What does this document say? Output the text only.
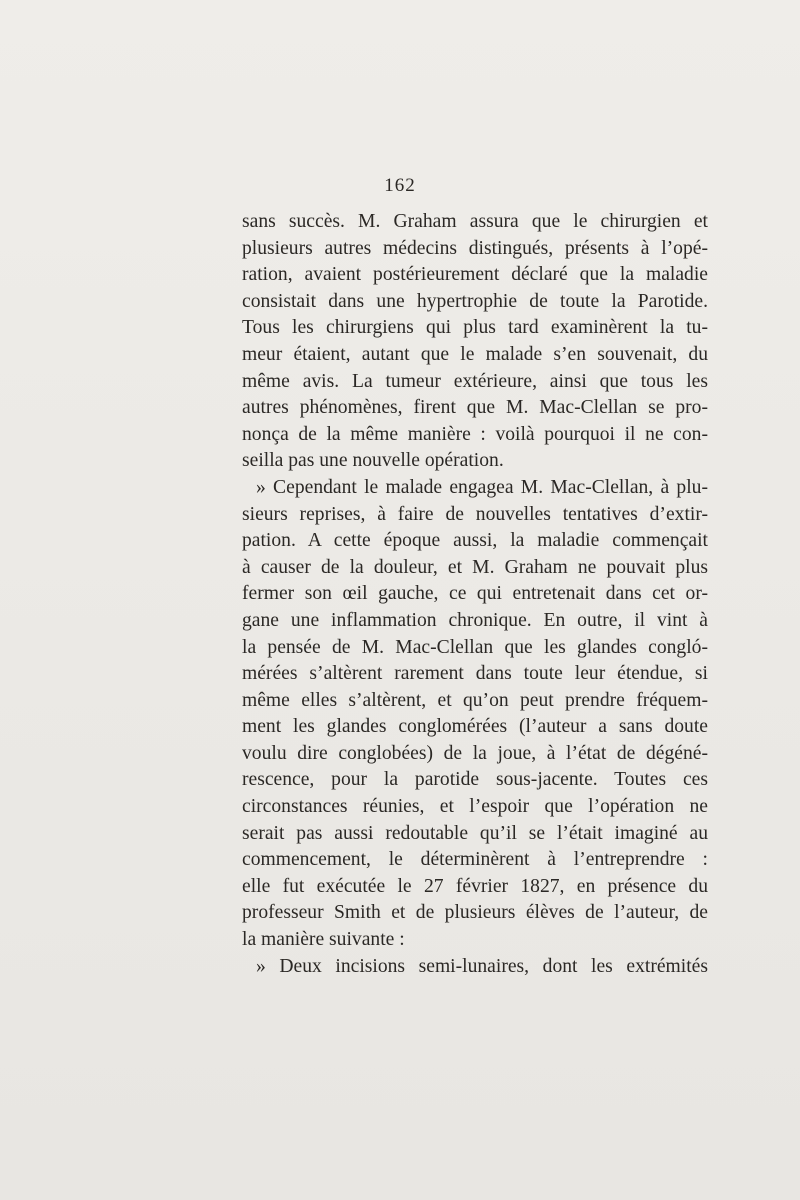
162
sans succès. M. Graham assura que le chirurgien et
plusieurs autres médecins distingués, présents à l’opé-
ration, avaient postérieurement déclaré que la maladie
consistait dans une hypertrophie de toute la Parotide.
Tous les chirurgiens qui plus tard examinèrent la tu-
meur étaient, autant que le malade s’en souvenait, du
même avis. La tumeur extérieure, ainsi que tous les
autres phénomènes, firent que M. Mac-Clellan se pro-
nonça de la même manière : voilà pourquoi il ne con-
seilla pas une nouvelle opération.
» Cependant le malade engagea M. Mac-Clellan, à plu-
sieurs reprises, à faire de nouvelles tentatives d’extir-
pation. A cette époque aussi, la maladie commençait
à causer de la douleur, et M. Graham ne pouvait plus
fermer son œil gauche, ce qui entretenait dans cet or-
gane une inflammation chronique. En outre, il vint à
la pensée de M. Mac-Clellan que les glandes congló-
mérées s’altèrent rarement dans toute leur étendue, si
même elles s’altèrent, et qu’on peut prendre fréquem-
ment les glandes conglomérées (l’auteur a sans doute
voulu dire conglobées) de la joue, à l’état de dégéné-
rescence, pour la parotide sous-jacente. Toutes ces
circonstances réunies, et l’espoir que l’opération ne
serait pas aussi redoutable qu’il se l’était imaginé au
commencement, le déterminèrent à l’entreprendre :
elle fut exécutée le 27 février 1827, en présence du
professeur Smith et de plusieurs élèves de l’auteur, de
la manière suivante :
» Deux incisions semi-lunaires, dont les extrémités
